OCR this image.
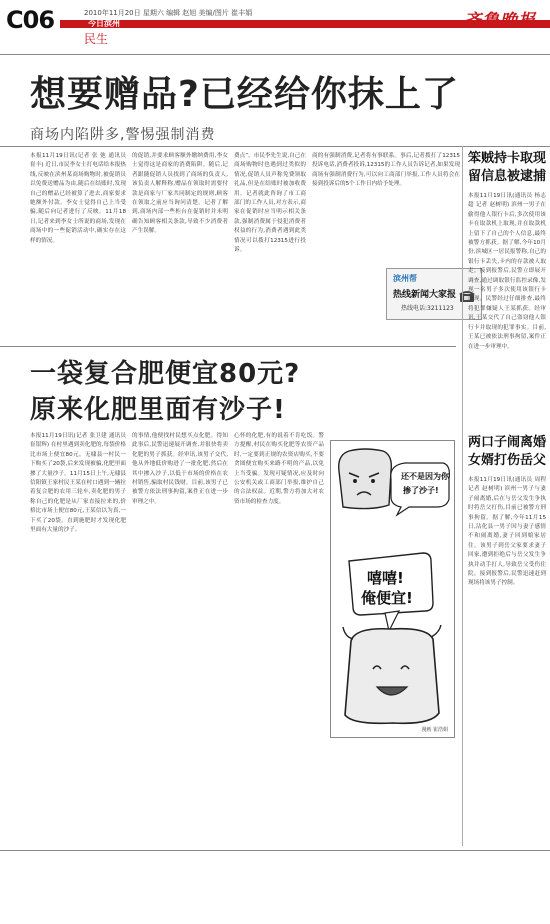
C06	2010年11月20日 星期六 编辑 赵旭 美编/图片 崔丰娟
今日滨州
民生
想要赠品?已经给你抹上了
商场内陷阱多,警惕强制消费
本报11月19日讯(记者 张 弛 通讯员 崔丰) 近日,市民李女士打电话给本报热线,反映在滨州某商场购物时,被促销员以免费送赠品为由,随后在结账时,发现自己的赠品已经被算了进去,商家要求她额外付款。李女士觉得自己上当受骗,随后向记者进行了反映。11月18日,记者来到李女士所说的商场,发现在商场中的一些促销活动中,确实存在这样的情况。
的促销,并要求顾客额外缴纳费用,李女士觉得这是商家的消费陷阱。随后,记者跟随促销人员找到了商场的负责人,该负责人解释称,赠品在领取时需要付款是商家与厂家共同制定的规则,顾客在领取之前应当询问清楚。记者了解到,商场内部一些柜台在促销时并未明确告知顾客相关条款,导致不少消费者产生误解。
费点”。市民李先生说,自己在商场购物时也遇到过类似的情况,促销人员声称免费领取礼品,但是在结账时被加收费用。记者就此咨询了市工商部门的工作人员,对方表示,商家在促销时应当明示相关条款,强制消费属于侵犯消费者权益的行为,消费者遇到此类情况可以拨打12315进行投诉。
商的有强制消费,记者将有事联系。事后,记者拨打了12315投诉电话,消费者投诉,12315的工作人员告诉记者,如果发现商场有强制消费行为,可以向工商部门举报,工作人员将会在接到投诉后的5个工作日内给予处理。
滨州帮
热线新闻大家报
热线电话:3211123
笨贼持卡取现
留信息被逮捕
本报11月19日讯(通讯员 杨志超 记者 赵树明) 滨州一男子在偷得他人银行卡后,多次使用该卡在取款机上取现,并在取款机上留下了自己的个人信息,最终被警方抓获。据了解,今年10月份,滨城区一居民报警称,自己的银行卡丢失,卡内的存款被人取走。接到报警后,民警立即展开调查,通过调取银行监控录像,发现一名男子多次使用该银行卡取现。民警经过仔细排查,最终将犯罪嫌疑人王某抓获。经审讯,王某交代了自己盗窃他人银行卡并取现的犯罪事实。目前,王某已被依法刑事拘留,案件正在进一步审理中。
两口子闹离婚
女婿打伤岳父
本报11月19日讯(通讯员 周程 记者 赵树明) 滨州一男子与妻子闹离婚,后在与岳父发生争执时将岳父打伤,目前已被警方刑事拘留。据了解,今年11月15日,沾化县一男子因与妻子感情不和闹离婚,妻子回到娘家居住。该男子到岳父家要求妻子回家,遭到拒绝后与岳父发生争执并动手打人,导致岳父受伤住院。接到报警后,民警迅速赶到现场将该男子控制。
一袋复合肥便宜80元?
原来化肥里面有沙子!
本报11月19日讯(记者 张卫建 通讯员 崔银辉) 在村里遇到卖化肥的,每袋价格比市场上便宜80元。无棣县一村民一下购买了20袋,后来发现被骗,化肥里面掺了大量沙子。11月15日上午,无棣县信阳镇王家村民王某在村口遇到一辆拉着复合肥的农用三轮车,卖化肥的男子称自己的化肥是从厂家直接拉来的,价格比市场上便宜80元,王某信以为真,一下买了20袋。直到施肥时才发现化肥里面有大量的沙子。
的事情,他便找村民想买点化肥。得知此事后,民警迅速展开调查,并很快将卖化肥的男子抓获。经审讯,该男子交代,他从外地低价购进了一批化肥,然后在其中掺入沙子,以低于市场的价格在农村销售,骗取村民钱财。目前,该男子已被警方依法刑事拘留,案件正在进一步审理之中。
心怀的化肥,有的说着不肯吃饭。警方提醒,村民在购买化肥等农资产品时,一定要到正规的农资店购买,不要贪图便宜购买来路不明的产品,以免上当受骗。发现可疑情况,应及时向公安机关或工商部门举报,维护自己的合法权益。近期,警方将加大对农资市场的检查力度。
还不是因为你 掺了沙子!
嘻嘻! 俺便宜!
漫画 崔浩娟
